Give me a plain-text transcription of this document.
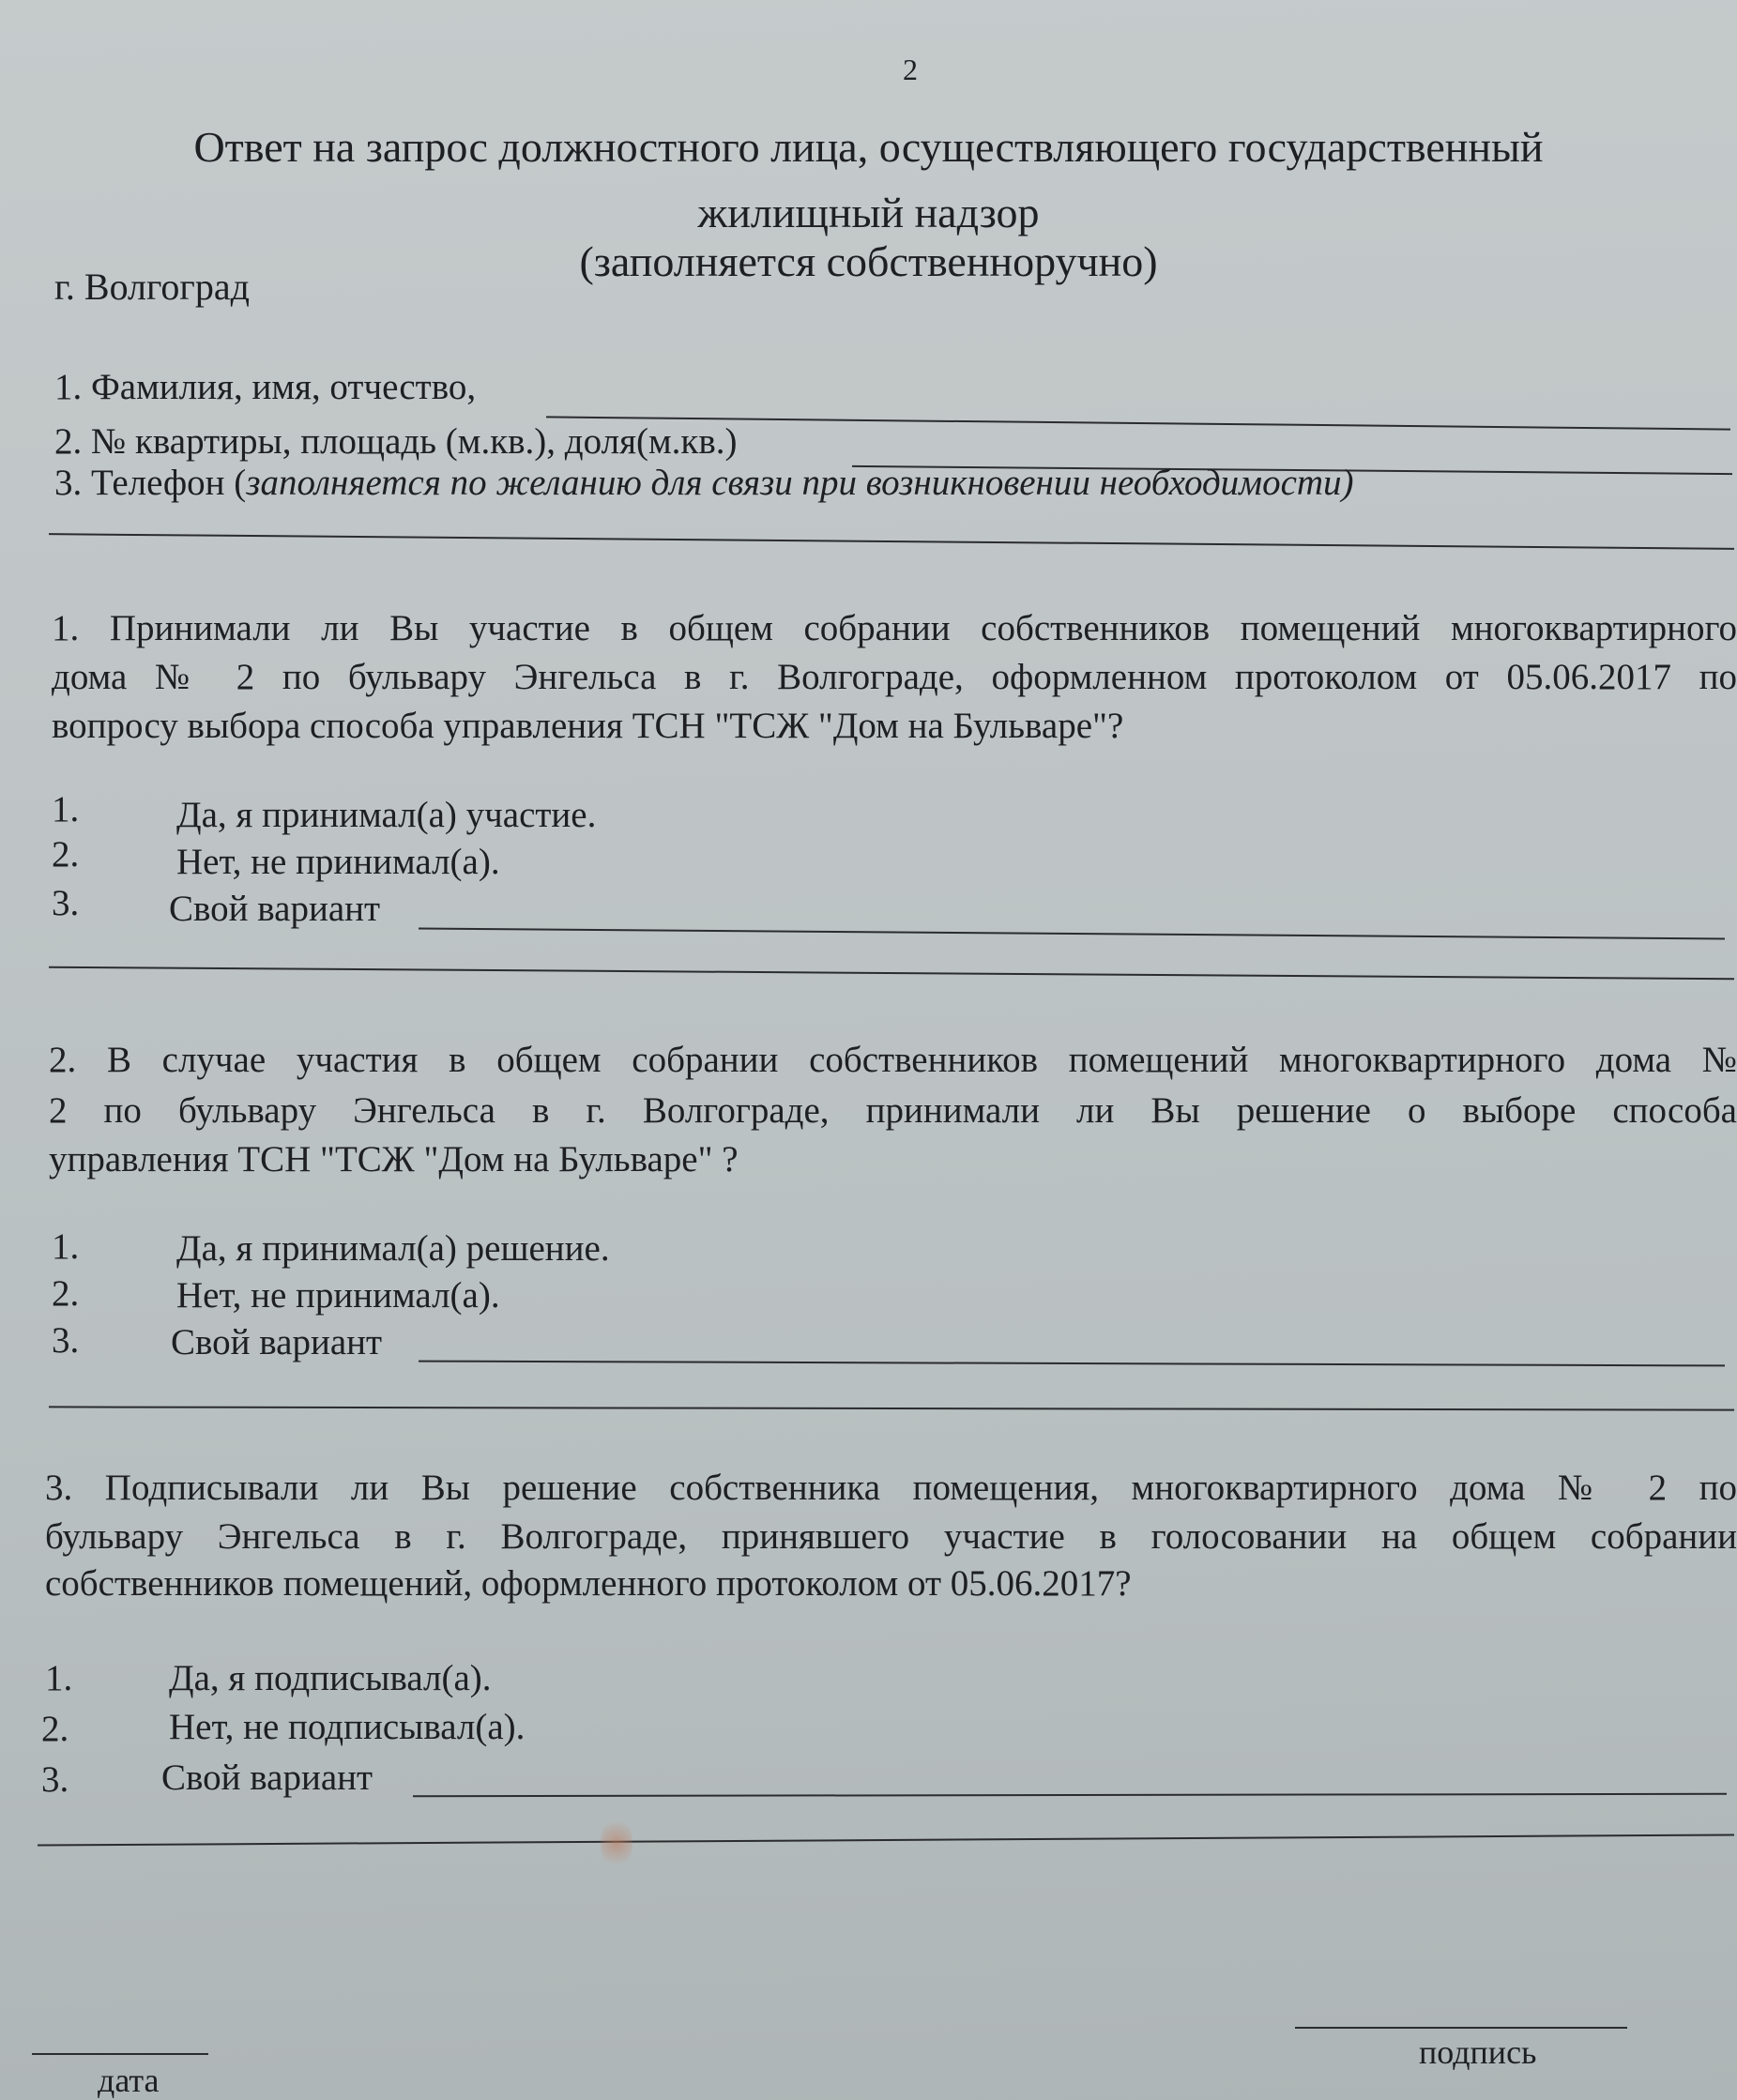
2
Ответ на запрос должностного лица, осуществляющего государственный
жилищный надзор
(заполняется собственноручно)
г. Волгоград
1. Фамилия, имя, отчество,
2. № квартиры, площадь (м.кв.), доля(м.кв.)
3. Телефон (заполняется по желанию для связи при возникновении необходимости)
1. Принимали ли Вы участие в общем собрании собственников помещений многоквартирного
дома № 2 по бульвару Энгельса в г. Волгограде, оформленном протоколом от 05.06.2017 по
вопросу выбора способа управления ТСН "ТСЖ "Дом на Бульваре"?
1.	Да, я принимал(а) участие.
2.	Нет, не принимал(а).
3. Свой вариант
2. В случае участия в общем собрании собственников помещений многоквартирного дома №
2 по бульвару Энгельса в г. Волгограде, принимали ли Вы решение о выборе способа
управления ТСН "ТСЖ "Дом на Бульваре" ?
1.	Да, я принимал(а) решение.
2.	Нет, не принимал(а).
3.	Свой вариант
3. Подписывали ли Вы решение собственника помещения, многоквартирного дома № 2 по
бульвару Энгельса в г. Волгограде, принявшего участие в голосовании на общем собрании
собственников помещений, оформленного протоколом от 05.06.2017?
1.	Да, я подписывал(а).
2.	Нет, не подписывал(а).
3.	Свой вариант
дата
подпись
